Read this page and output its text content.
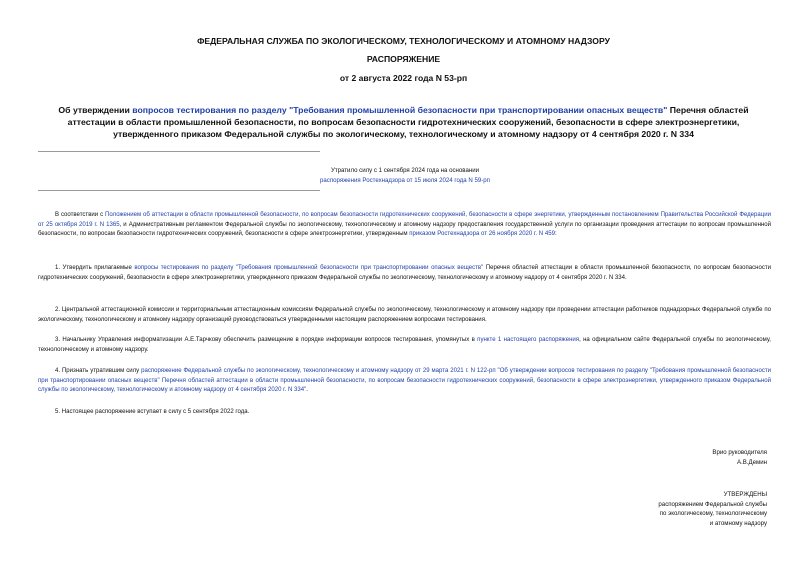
ФЕДЕРАЛЬНАЯ СЛУЖБА ПО ЭКОЛОГИЧЕСКОМУ, ТЕХНОЛОГИЧЕСКОМУ И АТОМНОМУ НАДЗОРУ
РАСПОРЯЖЕНИЕ
от 2 августа 2022 года N 53-рп
Об утверждении вопросов тестирования по разделу "Требования промышленной безопасности при транспортировании опасных веществ" Перечня областей аттестации в области промышленной безопасности, по вопросам безопасности гидротехнических сооружений, безопасности в сфере электроэнергетики, утвержденного приказом Федеральной службы по экологическому, технологическому и атомному надзору от 4 сентября 2020 г. N 334
Утратило силу с 1 сентября 2024 года на основании
распоряжения Ростехнадзора от 15 июля 2024 года N 59-рп
В соответствии с Положением об аттестации в области промышленной безопасности, по вопросам безопасности гидротехнических сооружений, безопасности в сфере энергетики, утвержденным постановлением Правительства Российской Федерации от 25 октября 2019 г. N 1365, и Административным регламентом Федеральной службы по экологическому, технологическому и атомному надзору предоставления государственной услуги по организации проведения аттестации по вопросам промышленной безопасности, по вопросам безопасности гидротехнических сооружений, безопасности в сфере электроэнергетики, утвержденным приказом Ростехнадзора от 26 ноября 2020 г. N 459:
1. Утвердить прилагаемые вопросы тестирования по разделу "Требования промышленной безопасности при транспортировании опасных веществ" Перечня областей аттестации в области промышленной безопасности, по вопросам безопасности гидротехнических сооружений, безопасности в сфере электроэнергетики, утвержденного приказом Федеральной службы по экологическому, технологическому и атомному надзору от 4 сентября 2020 г. N 334.
2. Центральной аттестационной комиссии и территориальным аттестационным комиссиям Федеральной службы по экологическому, технологическому и атомному надзору при проведении аттестации работников поднадзорных Федеральной службе по экологическому, технологическому и атомному надзору организаций руководствоваться утвержденными настоящим распоряжением вопросами тестирования.
3. Начальнику Управления информатизации А.Е.Тарчкову обеспечить размещение в порядке информации вопросов тестирования, упомянутых в пункте 1 настоящего распоряжения, на официальном сайте Федеральной службы по экологическому, технологическому и атомному надзору.
4. Признать утратившим силу распоряжение Федеральной службы по экологическому, технологическому и атомному надзору от 29 марта 2021 г. N 122-рп "Об утверждении вопросов тестирования по разделу "Требования промышленной безопасности при транспортировании опасных веществ" Перечня областей аттестации в области промышленной безопасности, по вопросам безопасности гидротехнических сооружений, безопасности в сфере электроэнергетики, утвержденного приказом Федеральной службы по экологическому, технологическому и атомному надзору от 4 сентября 2020 г. N 334".
5. Настоящее распоряжение вступает в силу с 5 сентября 2022 года.
Врио руководителя
А.В.Демин
УТВЕРЖДЕНЫ
распоряжением Федеральной службы
по экологическому, технологическому
и атомному надзору
